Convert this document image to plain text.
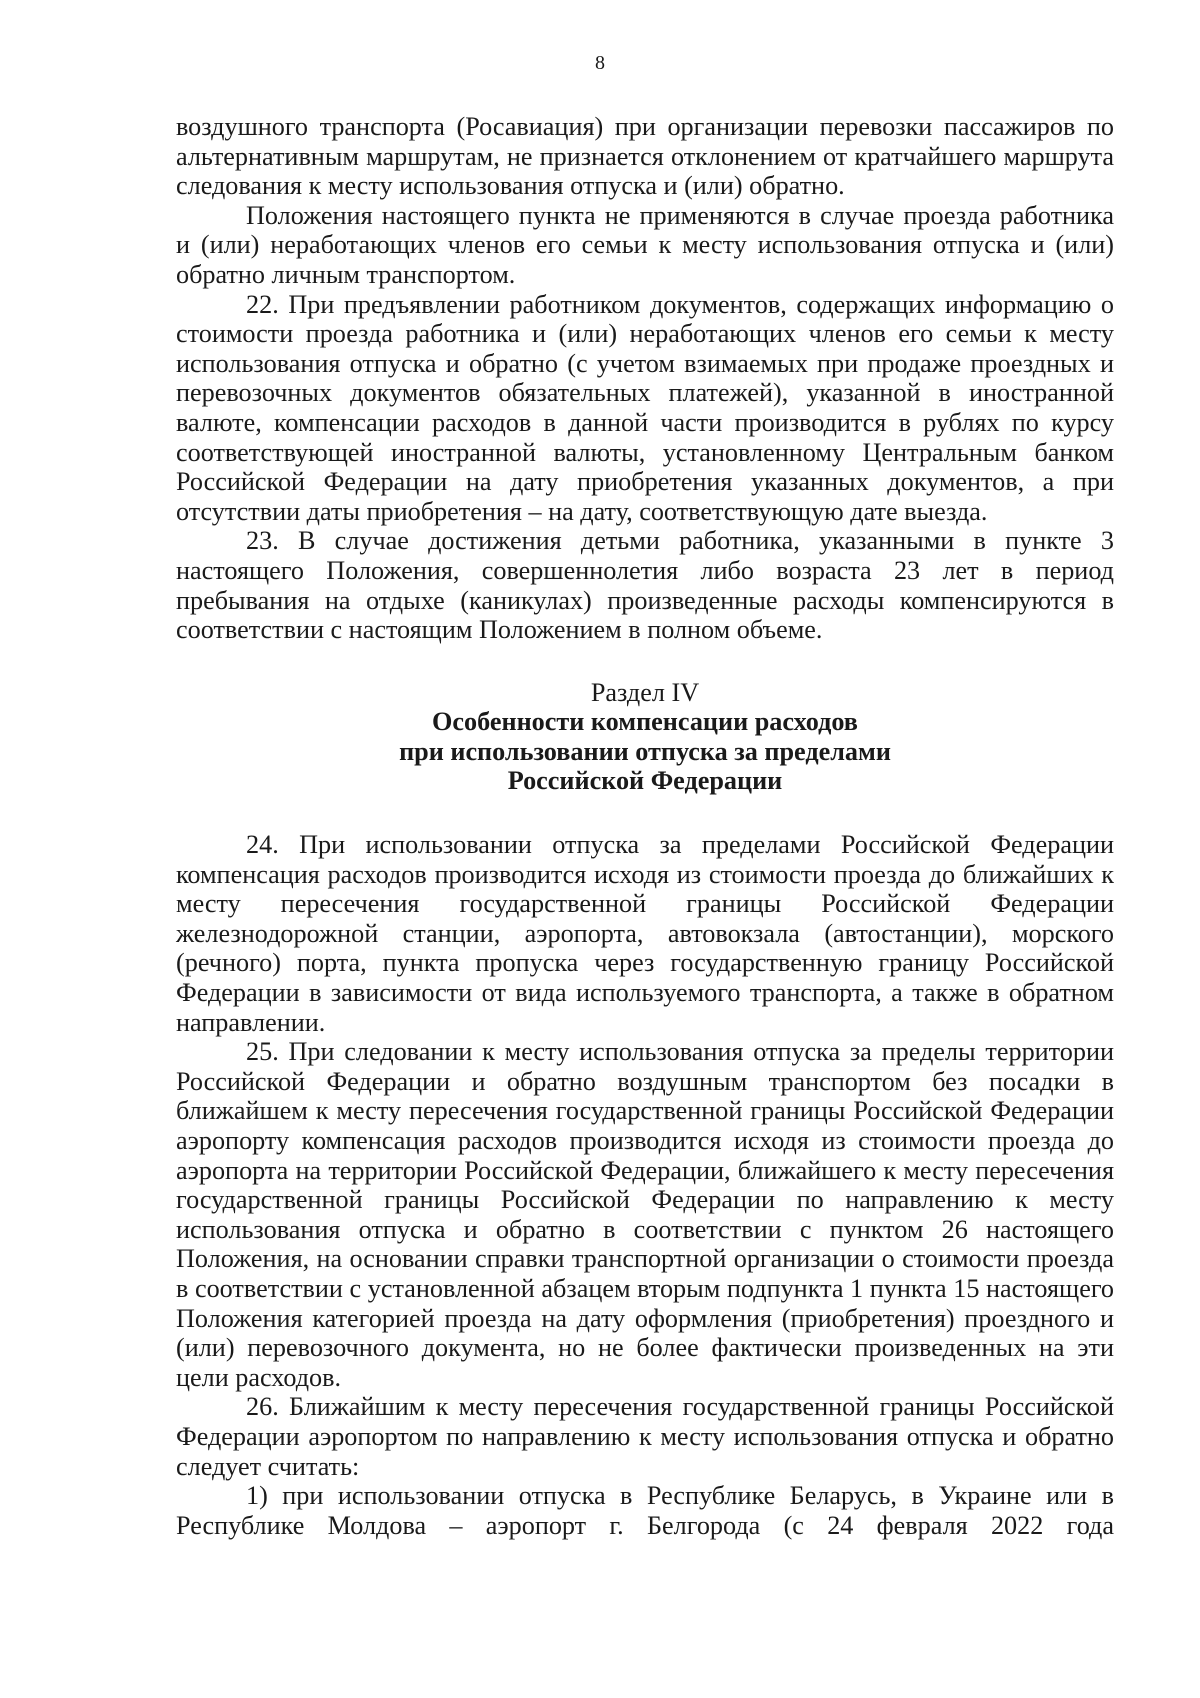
8

воздушного транспорта (Росавиация) при организации перевозки пассажиров по альтернативным маршрутам, не признается отклонением от кратчайшего маршрута следования к месту использования отпуска и (или) обратно.

Положения настоящего пункта не применяются в случае проезда работника и (или) неработающих членов его семьи к месту использования отпуска и (или) обратно личным транспортом.

22. При предъявлении работником документов, содержащих информацию о стоимости проезда работника и (или) неработающих членов его семьи к месту использования отпуска и обратно (с учетом взимаемых при продаже проездных и перевозочных документов обязательных платежей), указанной в иностранной валюте, компенсации расходов в данной части производится в рублях по курсу соответствующей иностранной валюты, установленному Центральным банком Российской Федерации на дату приобретения указанных документов, а при отсутствии даты приобретения – на дату, соответствующую дате выезда.

23. В случае достижения детьми работника, указанными в пункте 3 настоящего Положения, совершеннолетия либо возраста 23 лет в период пребывания на отдыхе (каникулах) произведенные расходы компенсируются в соответствии с настоящим Положением в полном объеме.

Раздел IV

Особенности компенсации расходов

при использовании отпуска за пределами

Российской Федерации

24. При использовании отпуска за пределами Российской Федерации компенсация расходов производится исходя из стоимости проезда до ближайших к месту пересечения государственной границы Российской Федерации железнодорожной станции, аэропорта, автовокзала (автостанции), морского (речного) порта, пункта пропуска через государственную границу Российской Федерации в зависимости от вида используемого транспорта, а также в обратном направлении.

25. При следовании к месту использования отпуска за пределы территории Российской Федерации и обратно воздушным транспортом без посадки в ближайшем к месту пересечения государственной границы Российской Федерации аэропорту компенсация расходов производится исходя из стоимости проезда до аэропорта на территории Российской Федерации, ближайшего к месту пересечения государственной границы Российской Федерации по направлению к месту использования отпуска и обратно в соответствии с пунктом 26 настоящего Положения, на основании справки транспортной организации о стоимости проезда в соответствии с установленной абзацем вторым подпункта 1 пункта 15 настоящего Положения категорией проезда на дату оформления (приобретения) проездного и (или) перевозочного документа, но не более фактически произведенных на эти цели расходов.

26. Ближайшим к месту пересечения государственной границы Российской Федерации аэропортом по направлению к месту использования отпуска и обратно следует считать:

1) при использовании отпуска в Республике Беларусь, в Украине или в Республике Молдова – аэропорт г. Белгорода (с 24 февраля 2022 года
